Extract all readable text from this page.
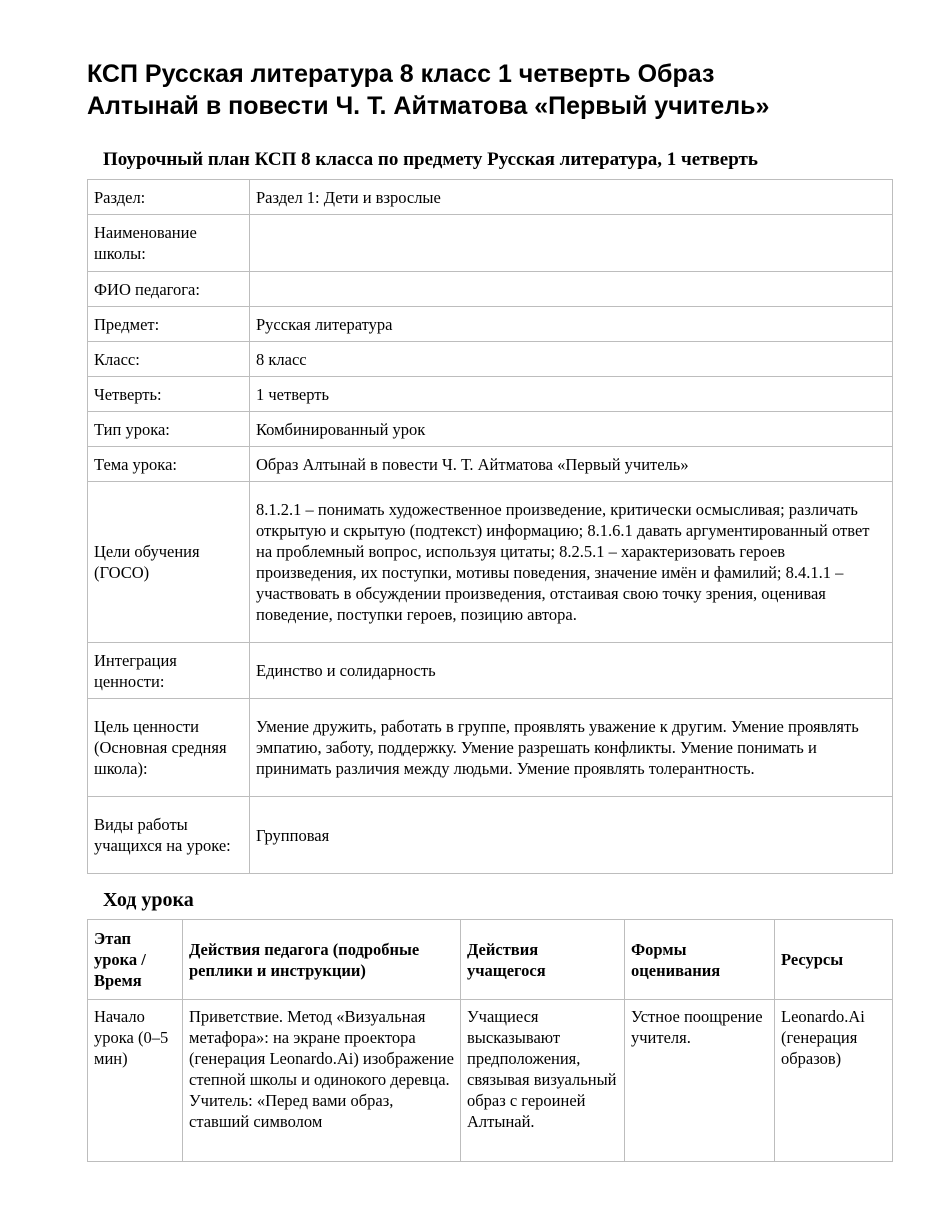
КСП Русская литература 8 класс 1 четверть Образ
Алтынай в повести Ч. Т. Айтматова «Первый учитель»
Поурочный план КСП 8 класса по предмету Русская литература, 1 четверть
Раздел:	Раздел 1: Дети и взрослые
Наименование школы:	
ФИО педагога:	
Предмет:	Русская литература
Класс:	8 класс
Четверть:	1 четверть
Тип урока:	Комбинированный урок
Тема урока:	Образ Алтынай в повести Ч. Т. Айтматова «Первый учитель»
Цели обучения (ГОСО)	8.1.2.1 – понимать художественное произведение, критически осмысливая; различать открытую и скрытую (подтекст) информацию; 8.1.6.1 давать аргументированный ответ на проблемный вопрос, используя цитаты; 8.2.5.1 – характеризовать героев произведения, их поступки, мотивы поведения, значение имён и фамилий; 8.4.1.1 – участвовать в обсуждении произведения, отстаивая свою точку зрения, оценивая поведение, поступки героев, позицию автора.
Интеграция ценности:	Единство и солидарность
Цель ценности (Основная средняя школа):	Умение дружить, работать в группе, проявлять уважение к другим. Умение проявлять эмпатию, заботу, поддержку. Умение разрешать конфликты. Умение понимать и принимать различия между людьми. Умение проявлять толерантность.
Виды работы учащихся на уроке:	Групповая
Ход урока
Этап урока / Время	Действия педагога (подробные реплики и инструкции)	Действия учащегося	Формы оценивания	Ресурсы
Начало урока (0–5 мин)	Приветствие. Метод «Визуальная метафора»: на экране проектора (генерация Leonardo.Ai) изображение степной школы и одинокого деревца. Учитель: «Перед вами образ, ставший символом	Учащиеся высказывают предположения, связывая визуальный образ с героиней Алтынай.	Устное поощрение учителя.	Leonardo.Ai (генерация образов)
